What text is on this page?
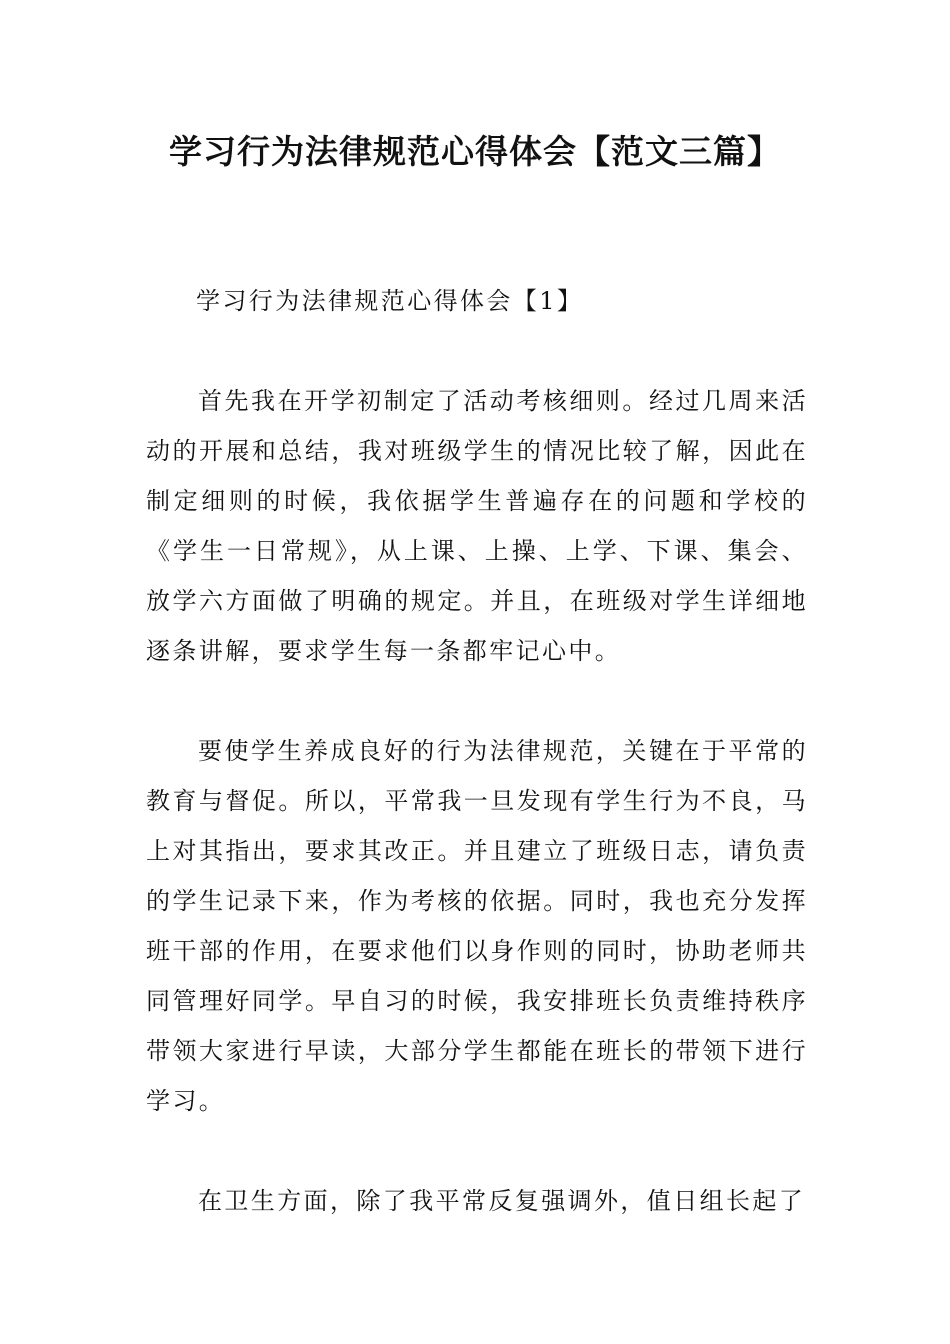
学习行为法律规范心得体会【范文三篇】

学习行为法律规范心得体会【1】

首先我在开学初制定了活动考核细则。经过几周来活动的开展和总结，我对班级学生的情况比较了解，因此在制定细则的时候，我依据学生普遍存在的问题和学校的《学生一日常规》，从上课、上操、上学、下课、集会、放学六方面做了明确的规定。并且，在班级对学生详细地逐条讲解，要求学生每一条都牢记心中。

要使学生养成良好的行为法律规范，关键在于平常的教育与督促。所以，平常我一旦发现有学生行为不良，马上对其指出，要求其改正。并且建立了班级日志，请负责的学生记录下来，作为考核的依据。同时，我也充分发挥班干部的作用，在要求他们以身作则的同时，协助老师共同管理好同学。早自习的时候，我安排班长负责维持秩序带领大家进行早读，大部分学生都能在班长的带领下进行学习。

在卫生方面，除了我平常反复强调外，值日组长起了
